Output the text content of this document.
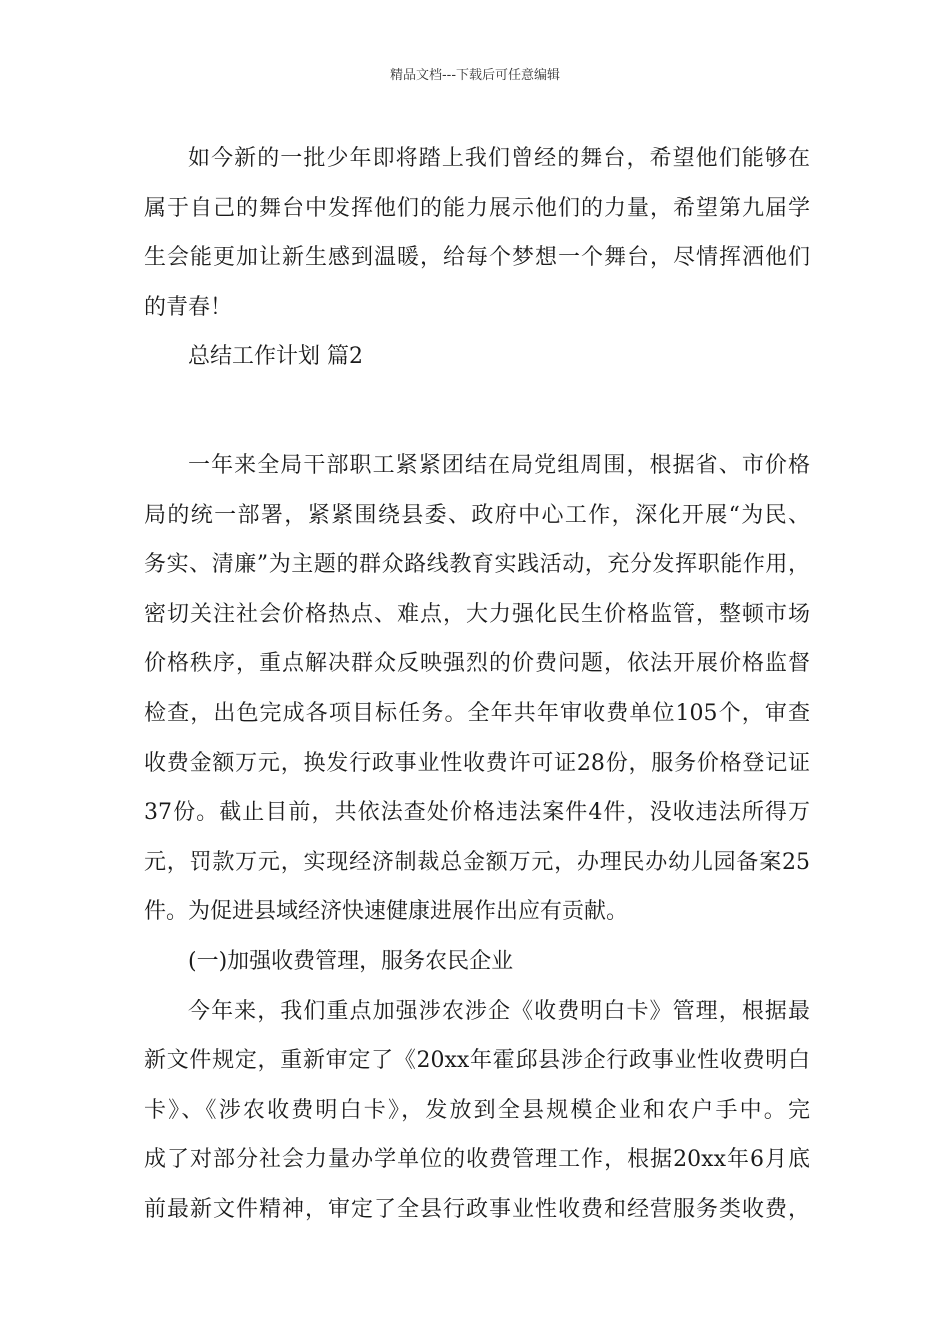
精品文档---下载后可任意编辑
如今新的一批少年即将踏上我们曾经的舞台，希望他们能够在
属于自己的舞台中发挥他们的能力展示他们的力量，希望第九届学
生会能更加让新生感到温暖，给每个梦想一个舞台，尽情挥洒他们
的青春！
总结工作计划 篇2
一年来全局干部职工紧紧团结在局党组周围，根据省、市价格
局的统一部署，紧紧围绕县委、政府中心工作，深化开展“为民、
务实、清廉”为主题的群众路线教育实践活动，充分发挥职能作用，
密切关注社会价格热点、难点，大力强化民生价格监管，整顿市场
价格秩序，重点解决群众反映强烈的价费问题，依法开展价格监督
检查，出色完成各项目标任务。全年共年审收费单位105个，审查
收费金额万元，换发行政事业性收费许可证28份，服务价格登记证
37份。截止目前，共依法查处价格违法案件4件，没收违法所得万
元，罚款万元，实现经济制裁总金额万元，办理民办幼儿园备案25
件。为促进县域经济快速健康进展作出应有贡献。
(一)加强收费管理，服务农民企业
今年来，我们重点加强涉农涉企《收费明白卡》管理，根据最
新文件规定，重新审定了《20xx年霍邱县涉企行政事业性收费明白
卡》、《涉农收费明白卡》，发放到全县规模企业和农户手中。完
成了对部分社会力量办学单位的收费管理工作，根据20xx年6月底
前最新文件精神，审定了全县行政事业性收费和经营服务类收费，
